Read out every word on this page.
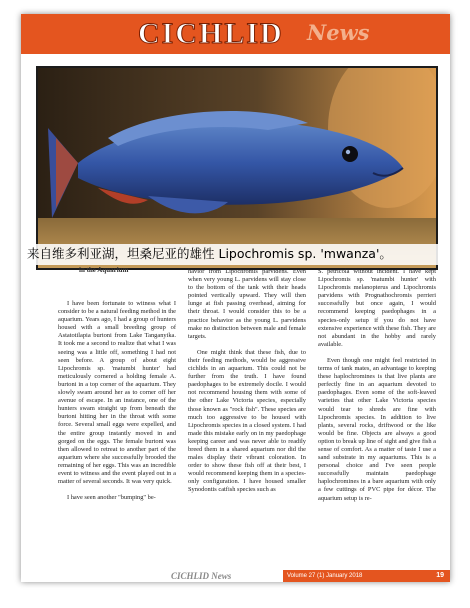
CICHLID News
来自维多利亚湖，坦桑尼亚的雄性 Lipochromis sp. 'mwanza'。
in the Aquarium

I have been fortunate to witness what I consider to be a natural feeding method in the aquarium. Years ago, I had a group of hunters housed with a small breeding group of Astatotilapia burtoni from Lake Tanganyika. It took me a second to realize that what I was seeing was a little off, something I had not seen before. A group of about eight Lipochromis sp. 'matumbi hunter' had meticulously cornered a holding female A. burtoni in a top corner of the aquarium. They slowly swam around her as to corner off her avenue of escape. In an instance, one of the hunters swam straight up from beneath the burtoni hitting her in the throat with some force. Several small eggs were expelled, and the entire group instantly moved in and gorged on the eggs. The female burtoni was then allowed to retreat to another part of the aquarium where she successfully brooded the remaining of her eggs. This was an incredible event to witness and the event played out in a matter of several seconds. It was very quick.

I have seen another "bumping" be-

havior from Lipochromis parvidens. Even when very young L. parvidens will stay close to the bottom of the tank with their heads pointed vertically upward. They will then lunge at fish passing overhead, aiming for their throat. I would consider this to be a practice behavior as the young L. parvidens make no distinction between male and female targets.

One might think that these fish, due to their feeding methods, would be aggressive cichlids in an aquarium. This could not be further from the truth. I have found paedophages to be extremely docile. I would not recommend housing them with some of the other Lake Victoria species, especially those known as "rock fish". These species are much too aggressive to be housed with Lipochromis species in a closed system. I had made this mistake early on in my paedophage keeping career and was never able to readily breed them in a shared aquarium nor did the males display their vibrant coloration. In order to show these fish off at their best, I would recommend keeping them in a species-only configuration. I have housed smaller Synodontis catfish species such as

S. petricola without incident. I have kept Lipochromis sp. 'matumbi hunter' with Lipochromis melanopterus and Lipochromis parvidens with Prognathochromis perrieri successfully but once again, I would recommend keeping paedophages in a species-only setup if you do not have extensive experience with these fish. They are not abundant in the hobby and rarely available.

Even though one might feel restricted in terms of tank mates, an advantage to keeping these haplochromines is that live plants are perfectly fine in an aquarium devoted to paedophages. Even some of the soft-leaved varieties that other Lake Victoria species would tear to shreds are fine with Lipochromis species. In addition to live plants, several rocks, driftwood or the like would be fine. Objects are always a good option to break up line of sight and give fish a sense of comfort. As a matter of taste I use a sand substrate in my aquariums. This is a personal choice and I've seen people successfully maintain paedophage haplochromines in a bare aquarium with only a few cuttings of PVC pipe for décor. The aquarium setup is re-

CICHLID News	Volume 27 (1) January 2018	19
